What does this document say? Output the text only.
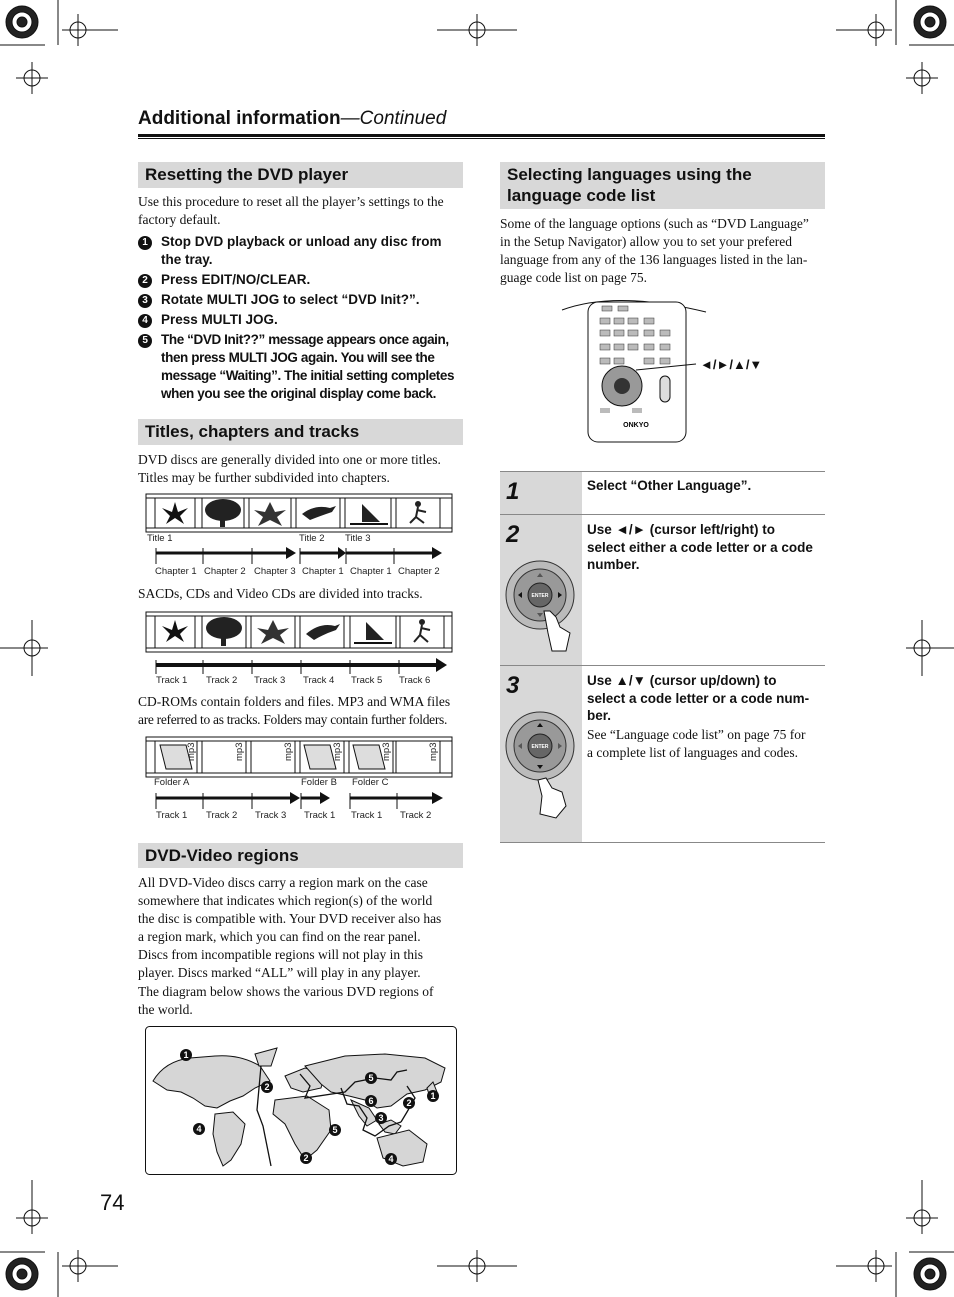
Additional information—Continued
Resetting the DVD player
Use this procedure to reset all the player’s settings to the factory default.
1 Stop DVD playback or unload any disc from
the tray.
2 Press EDIT/NO/CLEAR.
3 Rotate MULTI JOG to select “DVD Init?”.
4 Press MULTI JOG.
5 The “DVD Init??” message appears once again,
then press MULTI JOG again. You will see the
message “Waiting”. The initial setting completes
when you see the original display come back.
Titles, chapters and tracks
DVD discs are generally divided into one or more titles.
Titles may be further subdivided into chapters.
Title 1	Title 2 Title 3
Chapter 1 Chapter 2 Chapter 3 Chapter 1 Chapter 1 Chapter 2
SACDs, CDs and Video CDs are divided into tracks.
Track 1 Track 2 Track 3 Track 4 Track 5 Track 6
CD-ROMs contain folders and files. MP3 and WMA files
are referred to as tracks. Folders may contain further folders.
mp3	mp3	mp3	mp3	mp3	mp3
Folder A	Folder B Folder C
Track 1 Track 2 Track 3 Track 1 Track 1 Track 2
DVD-Video regions
All DVD-Video discs carry a region mark on the case
somewhere that indicates which region(s) of the world
the disc is compatible with. Your DVD receiver also has
a region mark, which you can find on the rear panel.
Discs from incompatible regions will not play in this
player. Discs marked “ALL” will play in any player.
The diagram below shows the various DVD regions of
the world.
1
2
4
5
6	2
1
3
5
2	4
74
Selecting languages using the
language code list
Some of the language options (such as “DVD Language”
in the Setup Navigator) allow you to set your prefered
language from any of the 136 languages listed in the lan-
guage code list on page 75.
ONKYO
◄/►/▲/▼
1	Select “Other Language”.
2
ENTER
Use ◄/► (cursor left/right) to
select either a code letter or a code
number.
3
ENTER
Use ▲/▼ (cursor up/down) to
select a code letter or a code num-
ber.
See “Language code list” on page 75 for
a complete list of languages and codes.
